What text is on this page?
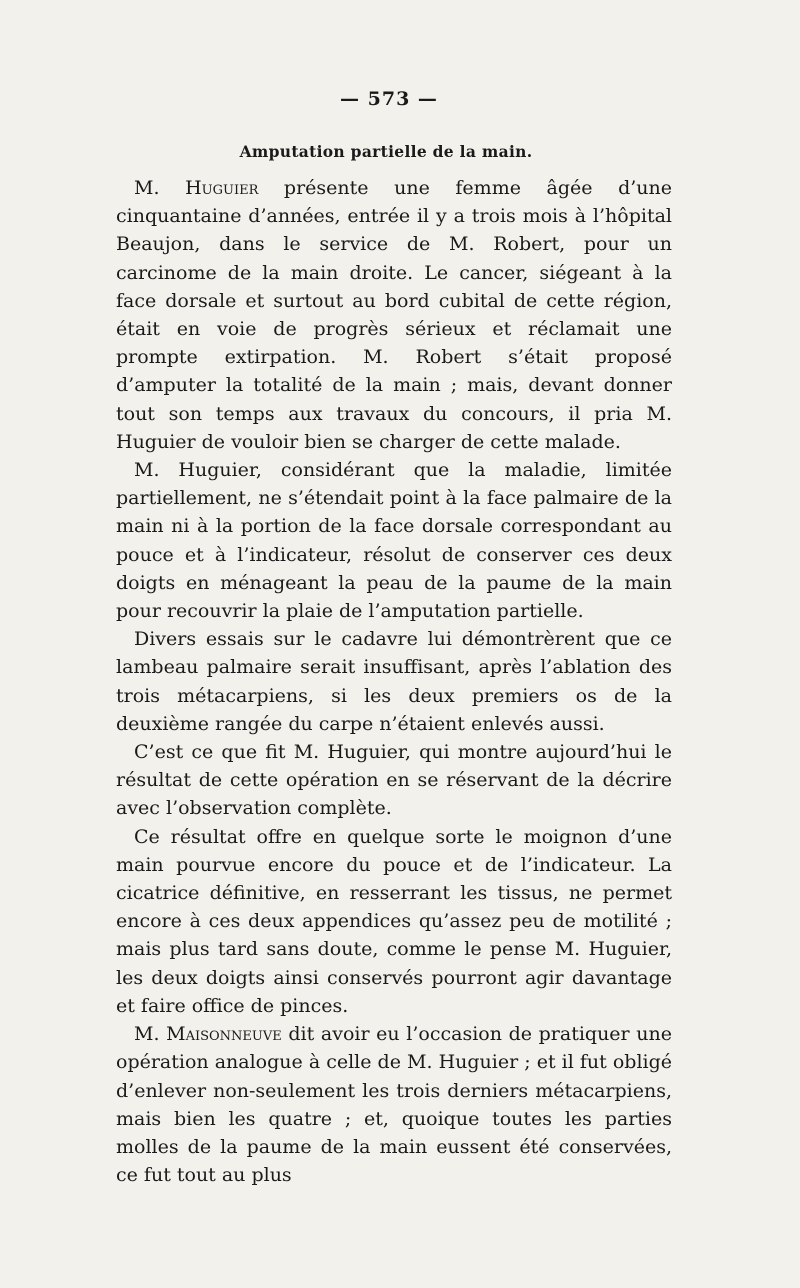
— 573 —
Amputation partielle de la main.

M. Huguier présente une femme âgée d’une cinquantaine d’années, entrée il y a trois mois à l’hôpital Beaujon, dans le service de M. Robert, pour un carcinome de la main droite. Le cancer, siégeant à la face dorsale et surtout au bord cubital de cette région, était en voie de progrès sérieux et réclamait une prompte extirpation. M. Robert s’était proposé d’amputer la totalité de la main ; mais, devant donner tout son temps aux travaux du concours, il pria M. Huguier de vouloir bien se charger de cette malade.

M. Huguier, considérant que la maladie, limitée partiellement, ne s’étendait point à la face palmaire de la main ni à la portion de la face dorsale correspondant au pouce et à l’indicateur, résolut de conserver ces deux doigts en ménageant la peau de la paume de la main pour recouvrir la plaie de l’amputation partielle.

Divers essais sur le cadavre lui démontrèrent que ce lambeau palmaire serait insuffisant, après l’ablation des trois métacarpiens, si les deux premiers os de la deuxième rangée du carpe n’étaient enlevés aussi.

C’est ce que fit M. Huguier, qui montre aujourd’hui le résultat de cette opération en se réservant de la décrire avec l’observation complète.

Ce résultat offre en quelque sorte le moignon d’une main pourvue encore du pouce et de l’indicateur. La cicatrice définitive, en resserrant les tissus, ne permet encore à ces deux appendices qu’assez peu de motilité ; mais plus tard sans doute, comme le pense M. Huguier, les deux doigts ainsi conservés pourront agir davantage et faire office de pinces.

M. Maisonneuve dit avoir eu l’occasion de pratiquer une opération analogue à celle de M. Huguier ; et il fut obligé d’enlever non-seulement les trois derniers métacarpiens, mais bien les quatre ; et, quoique toutes les parties molles de la paume de la main eussent été conservées, ce fut tout au plus
